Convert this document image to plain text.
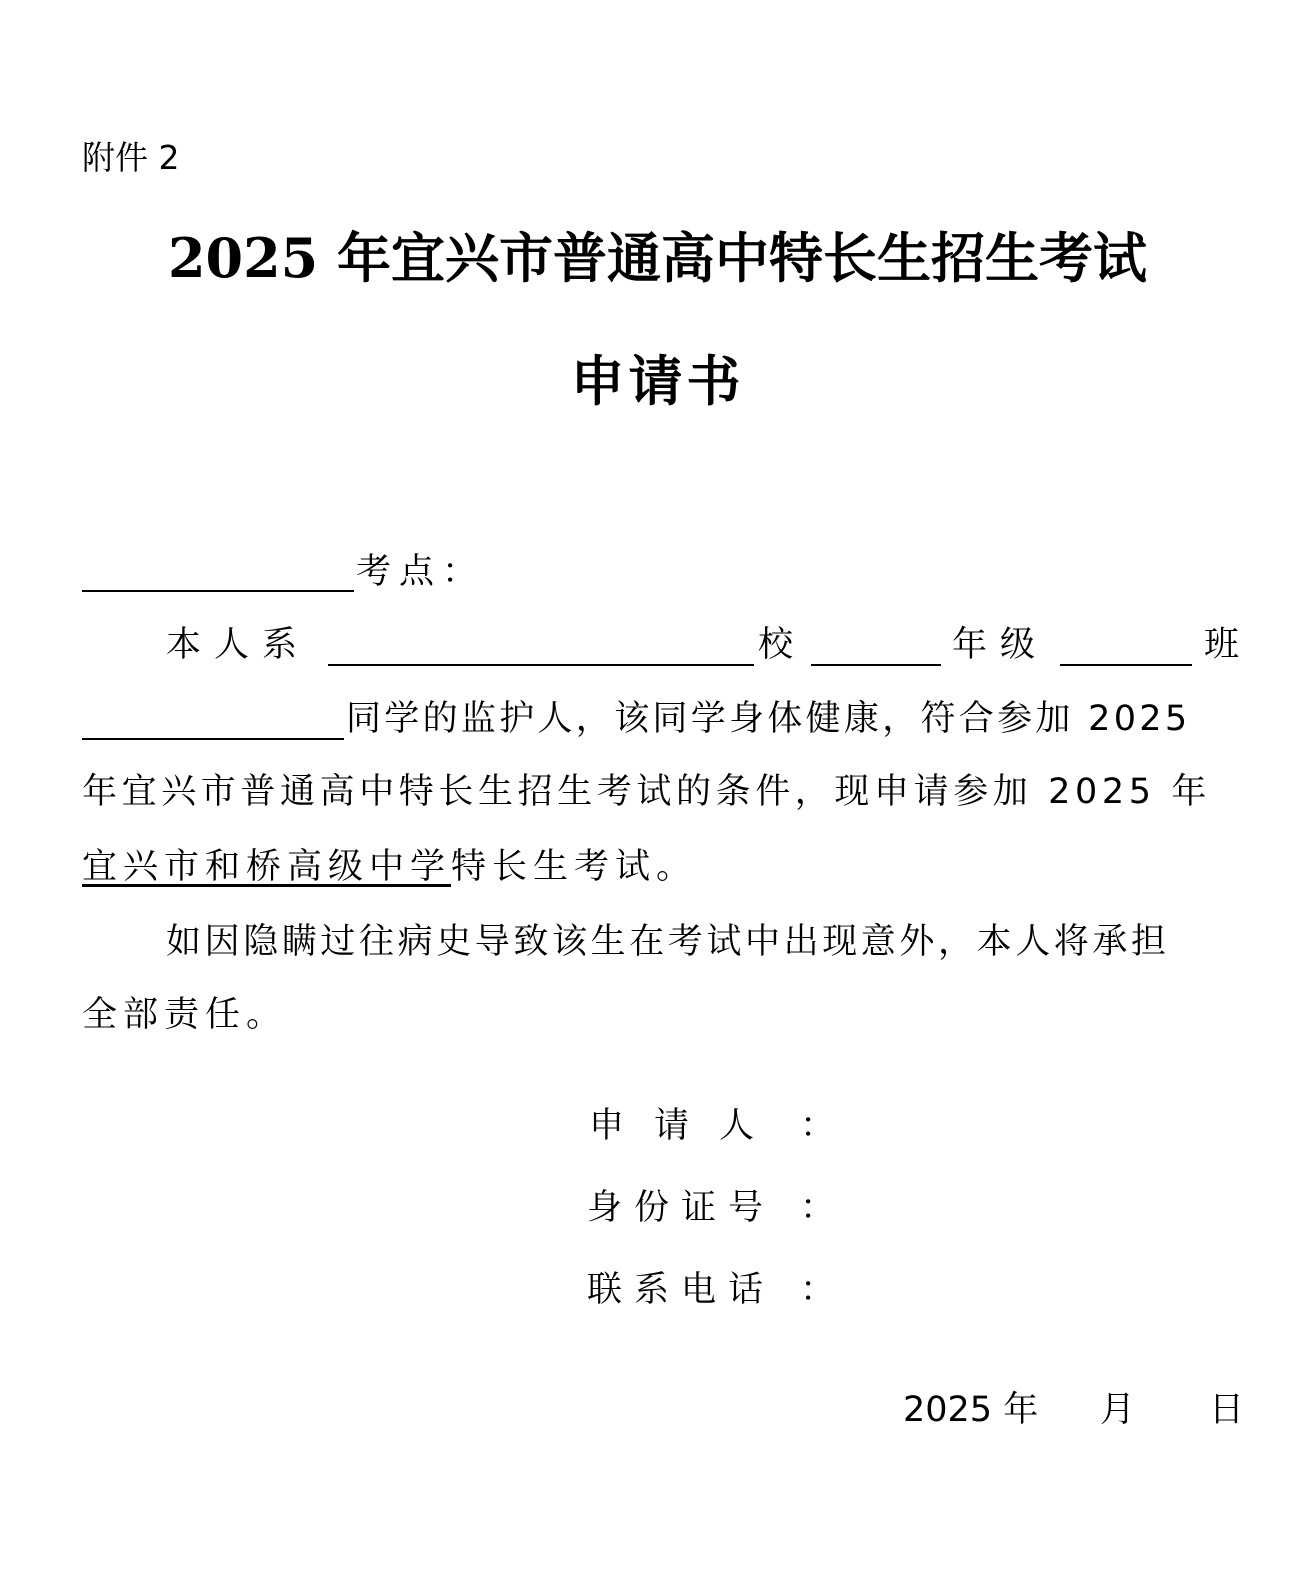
附件 2
2025 年宜兴市普通高中特长生招生考试
申请书
考点：
本人系	校	年级	班
同学的监护人，该同学身体健康，符合参加 2025
年宜兴市普通高中特长生招生考试的条件，现申请参加 2025 年
宜兴市和桥高级中学特长生考试。
如因隐瞒过往病史导致该生在考试中出现意外，本人将承担
全部责任。
申请人 ：
身份证号 ：
联系电话 ：
2025 年 月 日
